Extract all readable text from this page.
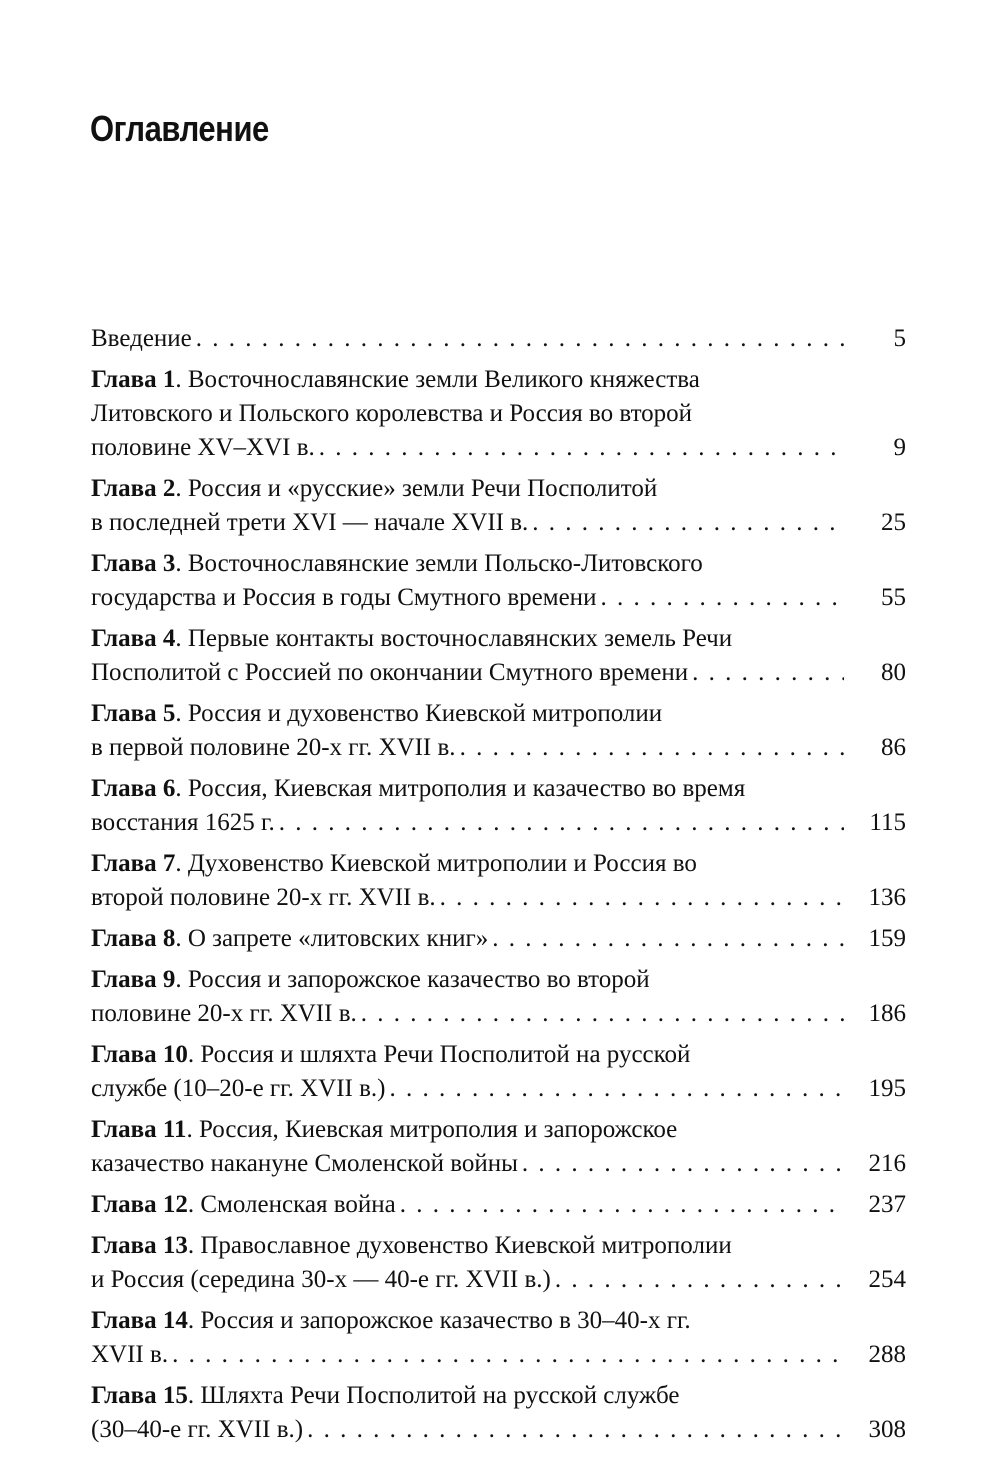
Оглавление
Введение . . .	5
Глава 1. Восточнославянские земли Великого княжества
Литовского и Польского королевства и Россия во второй
половине XV–XVI в. . . .	9
Глава 2. Россия и «русские» земли Речи Посполитой
в последней трети XVI — начале XVII в. . . .	25
Глава 3. Восточнославянские земли Польско-Литовского
государства и Россия в годы Смутного времени . . .	55
Глава 4. Первые контакты восточнославянских земель Речи
Посполитой с Россией по окончании Смутного времени . . .	80
Глава 5. Россия и духовенство Киевской митрополии
в первой половине 20-х гг. XVII в. . . .	86
Глава 6. Россия, Киевская митрополия и казачество во время
восстания 1625 г. . . .	115
Глава 7. Духовенство Киевской митрополии и Россия во
второй половине 20-х гг. XVII в. . . .	136
Глава 8. О запрете «литовских книг» . . .	159
Глава 9. Россия и запорожское казачество во второй
половине 20-х гг. XVII в. . . .	186
Глава 10. Россия и шляхта Речи Посполитой на русской
службе (10–20-е гг. XVII в.) . . .	195
Глава 11. Россия, Киевская митрополия и запорожское
казачество накануне Смоленской войны . . .	216
Глава 12. Смоленская война . . .	237
Глава 13. Православное духовенство Киевской митрополии
и Россия (середина 30-х — 40-е гг. XVII в.) . . .	254
Глава 14. Россия и запорожское казачество в 30–40-х гг.
XVII в. . . .	288
Глава 15. Шляхта Речи Посполитой на русской службе
(30–40-е гг. XVII в.) . . .	308
